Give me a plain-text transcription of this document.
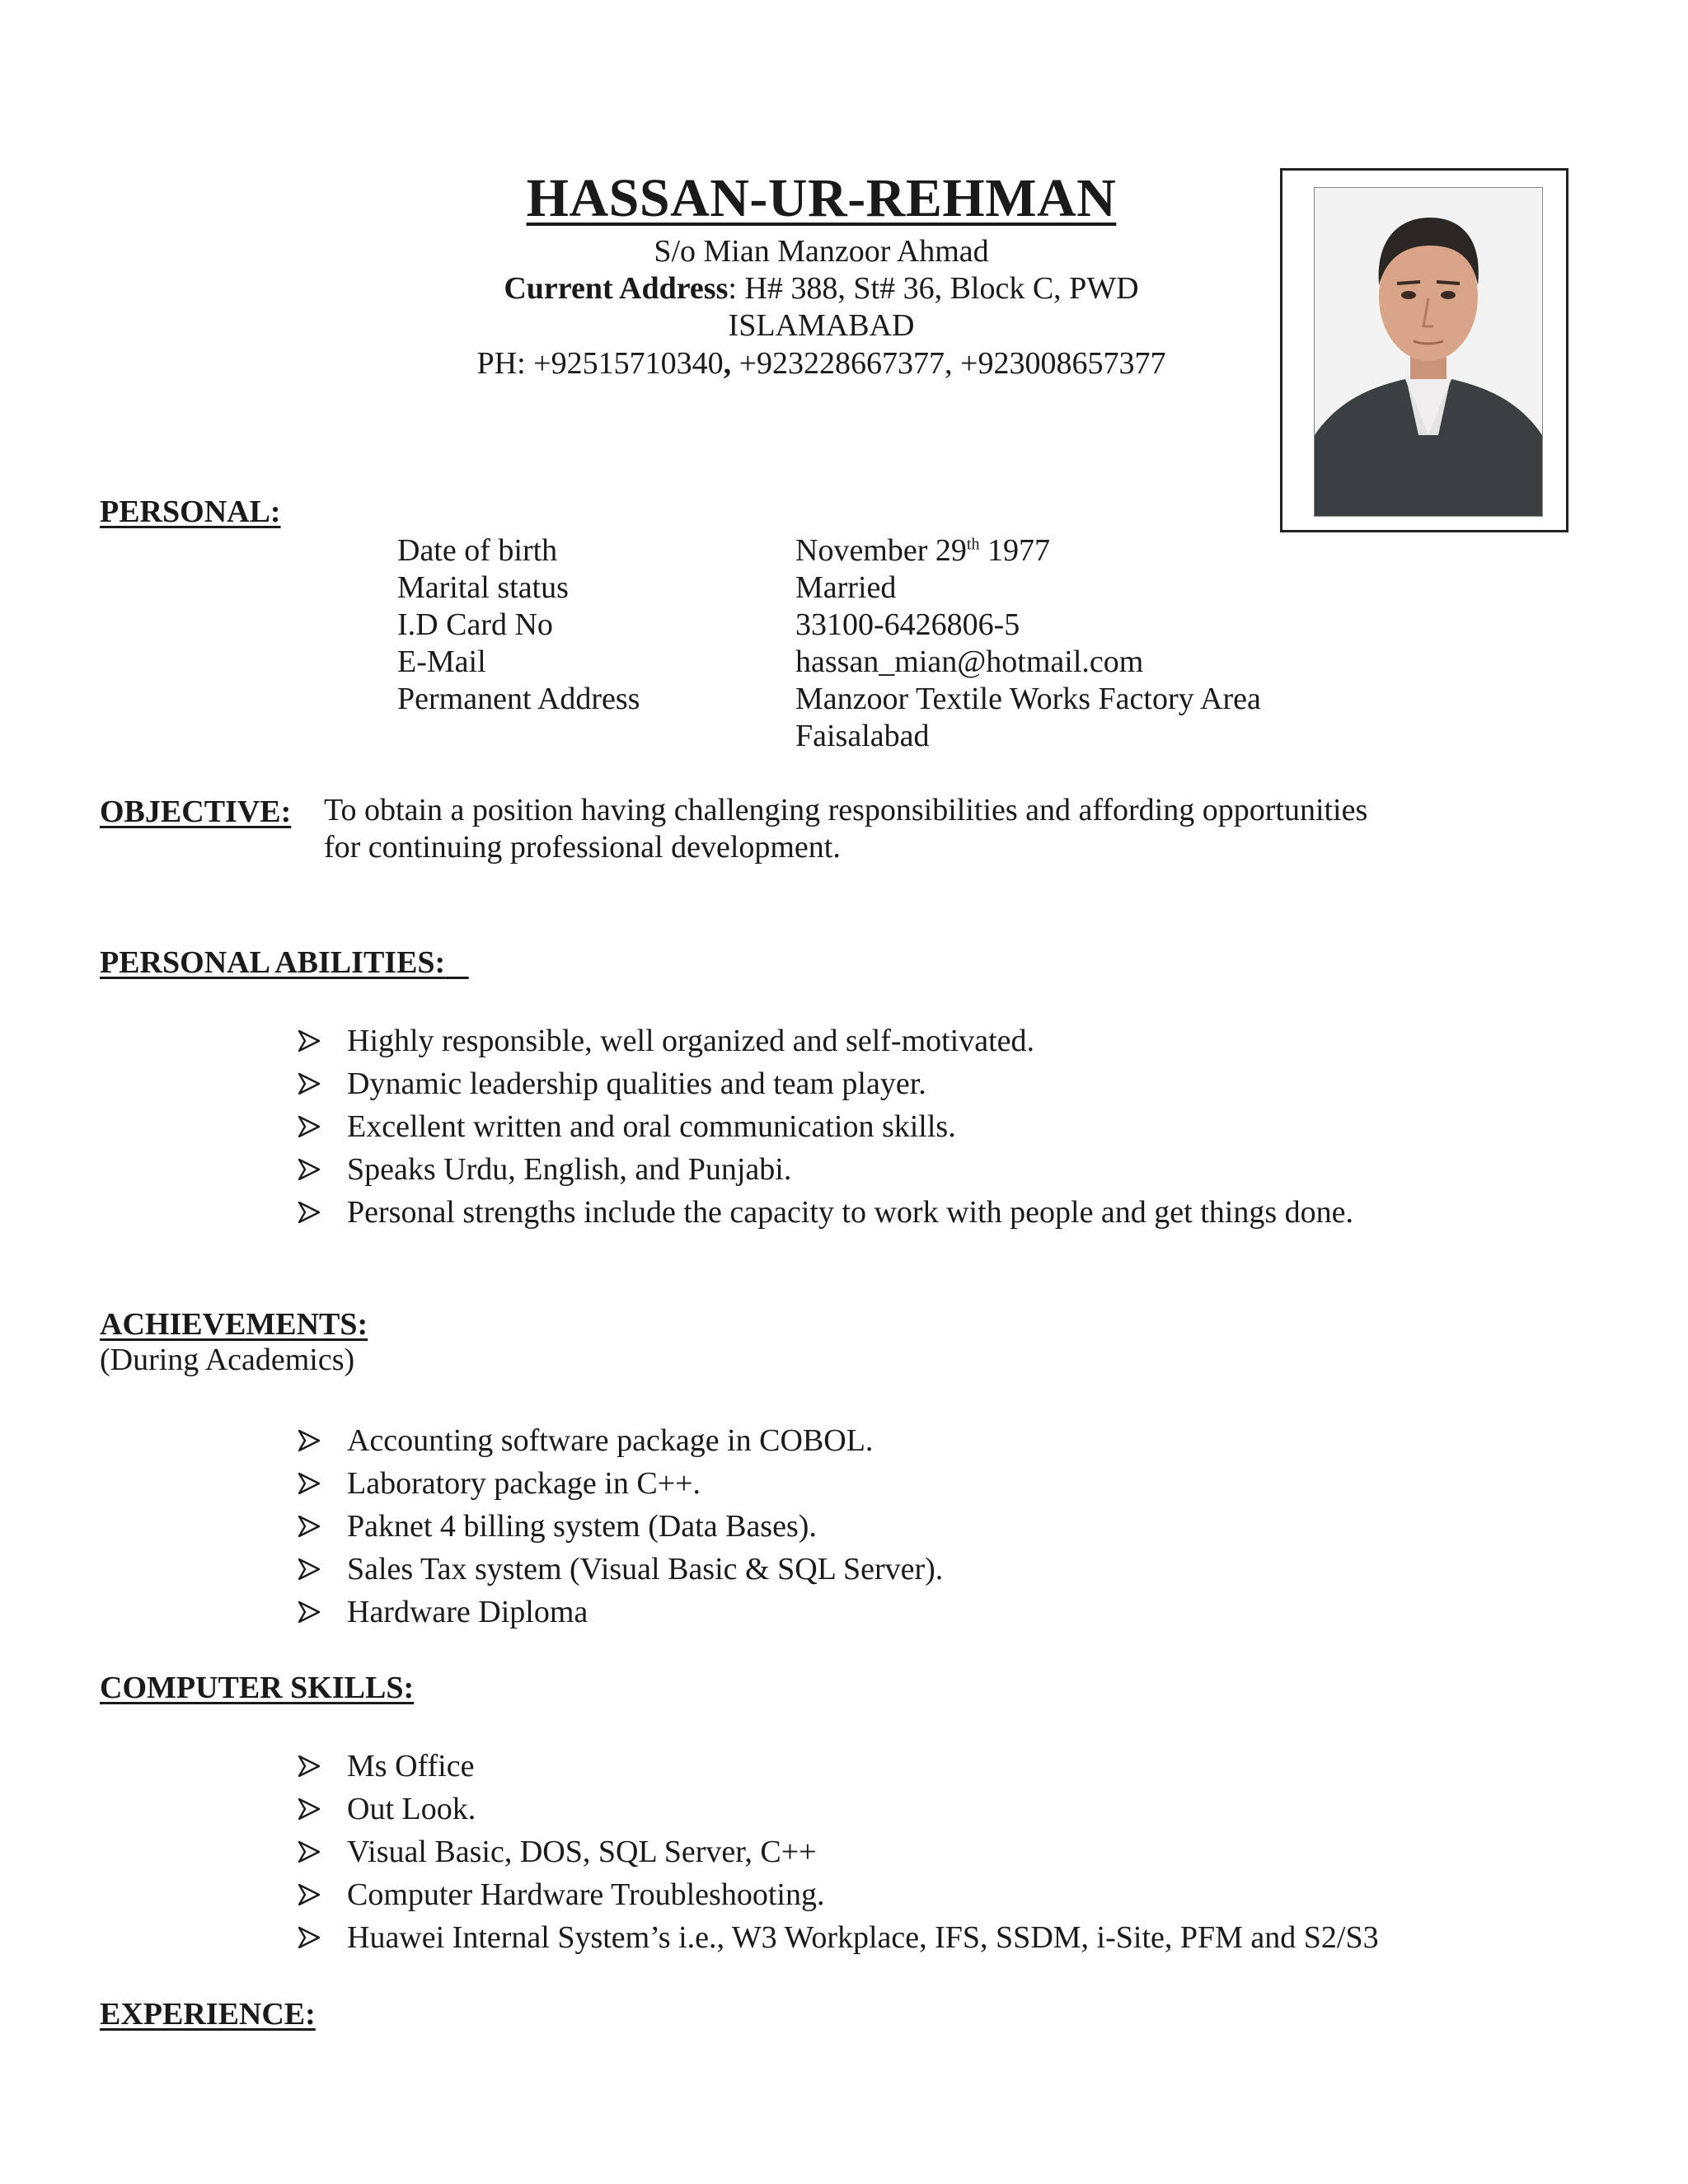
HASSAN-UR-REHMAN
S/o Mian Manzoor Ahmad
Current Address: H# 388, St# 36, Block C, PWD
ISLAMABAD
PH: +92515710340, +923228667377, +923008657377
PERSONAL:
Date of birth	November 29th 1977
Marital status	Married
I.D Card No	33100-6426806-5
E-Mail	hassan_mian@hotmail.com
Permanent Address	Manzoor Textile Works Factory Area
Faisalabad
OBJECTIVE: To obtain a position having challenging responsibilities and affording opportunities
for continuing professional development.
PERSONAL ABILITIES:
Highly responsible, well organized and self-motivated.
Dynamic leadership qualities and team player.
Excellent written and oral communication skills.
Speaks Urdu, English, and Punjabi.
Personal strengths include the capacity to work with people and get things done.
ACHIEVEMENTS:
(During Academics)
Accounting software package in COBOL.
Laboratory package in C++.
Paknet 4 billing system (Data Bases).
Sales Tax system (Visual Basic & SQL Server).
Hardware Diploma
COMPUTER SKILLS:
Ms Office
Out Look.
Visual Basic, DOS, SQL Server, C++
Computer Hardware Troubleshooting.
Huawei Internal System’s i.e., W3 Workplace, IFS, SSDM, i-Site, PFM and S2/S3
EXPERIENCE:
